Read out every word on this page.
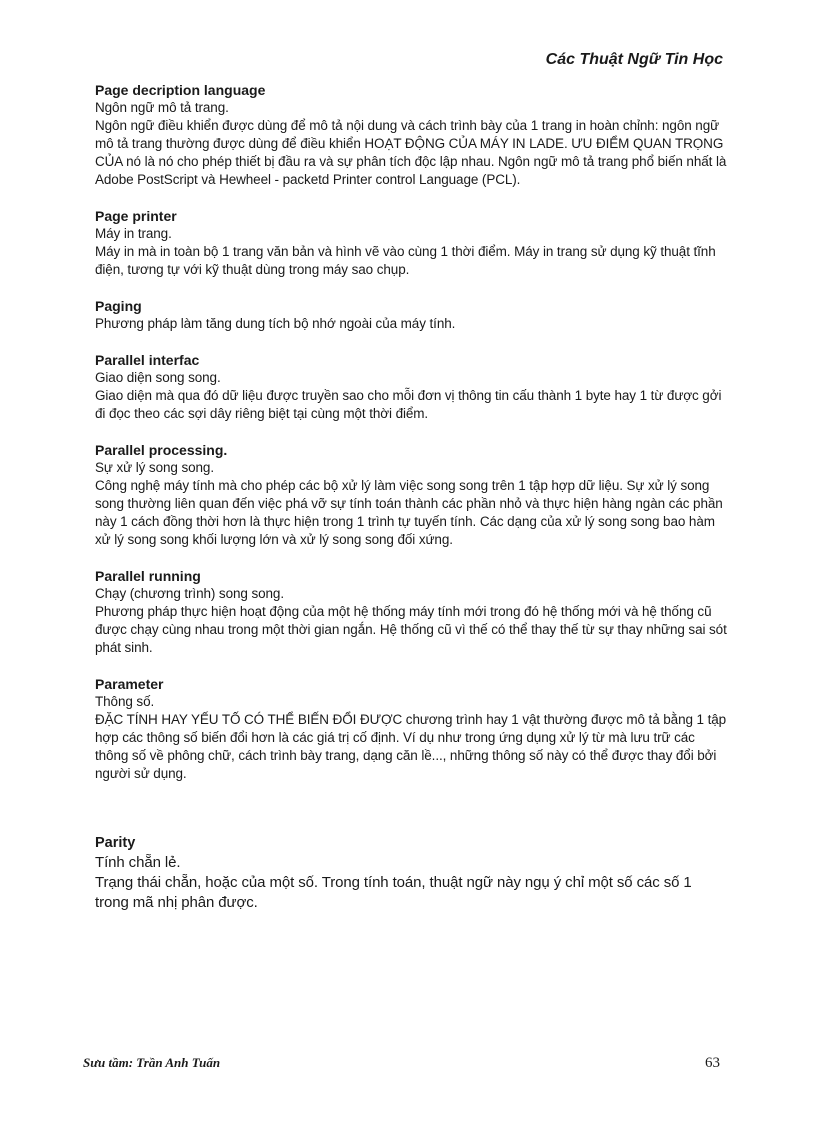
Các Thuật Ngữ Tin Học

Page decription language

Ngôn ngữ mô tả trang.

Ngôn ngữ điều khiển được dùng để mô tả nội dung và cách trình bày của 1 trang in hoàn chỉnh: ngôn ngữ mô tả trang thường được dùng để điều khiển HOẠT ĐỘNG CỦA MÁY IN LADE. ƯU ĐIỂM QUAN TRỌNG CỦA nó là nó cho phép thiết bị đầu ra và sự phân tích độc lập nhau. Ngôn ngữ mô tả trang phổ biến nhất là Adobe PostScript và Hewheel - packetd Printer control Language (PCL).

Page printer

Máy in trang.

Máy in mà in toàn bộ 1 trang văn bản và hình vẽ vào cùng 1 thời điểm. Máy in trang sử dụng kỹ thuật tĩnh điện, tương tự với kỹ thuật dùng trong máy sao chụp.

Paging

Phương pháp làm tăng dung tích bộ nhớ ngoài của máy tính.

Parallel interfac

Giao diện song song.

Giao diện mà qua đó dữ liệu được truyền sao cho mỗi đơn vị thông tin cấu thành 1 byte hay 1 từ được gởi đi đọc theo các sợi dây riêng biệt tại cùng một thời điểm.

Parallel processing.

Sự xử lý song song.

Công nghệ máy tính mà cho phép các bộ xử lý làm việc song song trên 1 tập hợp dữ liệu. Sự xử lý song song thường liên quan đến việc phá vỡ sự tính toán thành các phần nhỏ và thực hiện hàng ngàn các phần này 1 cách đồng thời hơn là thực hiện trong 1 trình tự tuyến tính. Các dạng của xử lý song song bao hàm xử lý song song khối lượng lớn và xử lý song song đối xứng.

Parallel running

Chạy (chương trình) song song.

Phương pháp thực hiện hoạt động của một hệ thống máy tính mới trong đó hệ thống mới và hệ thống cũ được chạy cùng nhau trong một thời gian ngắn. Hệ thống cũ vì thế có thể thay thế từ sự thay những sai sót phát sinh.

Parameter

Thông số.

ĐẶC TÍNH HAY YẾU TỐ CÓ THỂ BIẾN ĐỔI ĐƯỢC chương trình hay 1 vật thường được mô tả bằng 1 tập hợp các thông số biến đổi hơn là các giá trị cố định. Ví dụ như trong ứng dụng xử lý từ mà lưu trữ các thông số về phông chữ, cách trình bày trang, dạng căn lề..., những thông số này có thể được thay đổi bởi người sử dụng.

Parity

Tính chẵn lẻ.

Trạng thái chẵn, hoặc của một số. Trong tính toán, thuật ngữ này ngụ ý chỉ một số các số 1 trong mã nhị phân được.

Sưu tầm: Trần Anh Tuấn	63
